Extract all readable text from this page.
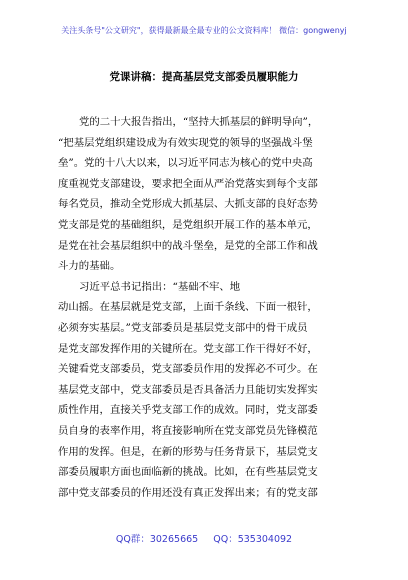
关注头条号"公文研究"，获得最新最全最专业的公文资料库！ 微信：gongwenyj
党课讲稿：提高基层党支部委员履职能力
党的二十大报告指出，“坚持大抓基层的鲜明导向”，
“把基层党组织建设成为有效实现党的领导的坚强战斗堡
垒”。党的十八大以来，以习近平同志为核心的党中央高
度重视党支部建设，要求把全面从严治党落实到每个支部
每名党员，推动全党形成大抓基层、大抓支部的良好态势
党支部是党的基础组织，是党组织开展工作的基本单元，
是党在社会基层组织中的战斗堡垒，是党的全部工作和战
斗力的基础。
习近平总书记指出：“基础不牢、地
动山摇。在基层就是党支部，上面千条线、下面一根针，
必须夯实基层。”党支部委员是基层党支部中的骨干成员
是党支部发挥作用的关键所在。党支部工作干得好不好，
关键看党支部委员，党支部委员作用的发挥必不可少。在
基层党支部中，党支部委员是否具备活力且能切实发挥实
质性作用，直接关乎党支部工作的成效。同时，党支部委
员自身的表率作用，将直接影响所在党支部党员先锋模范
作用的发挥。但是，在新的形势与任务背景下，基层党支
部委员履职方面也面临新的挑战。比如，在有些基层党支
部中党支部委员的作用还没有真正发挥出来；有的党支部
QQ群：30265665 QQ：535304092
